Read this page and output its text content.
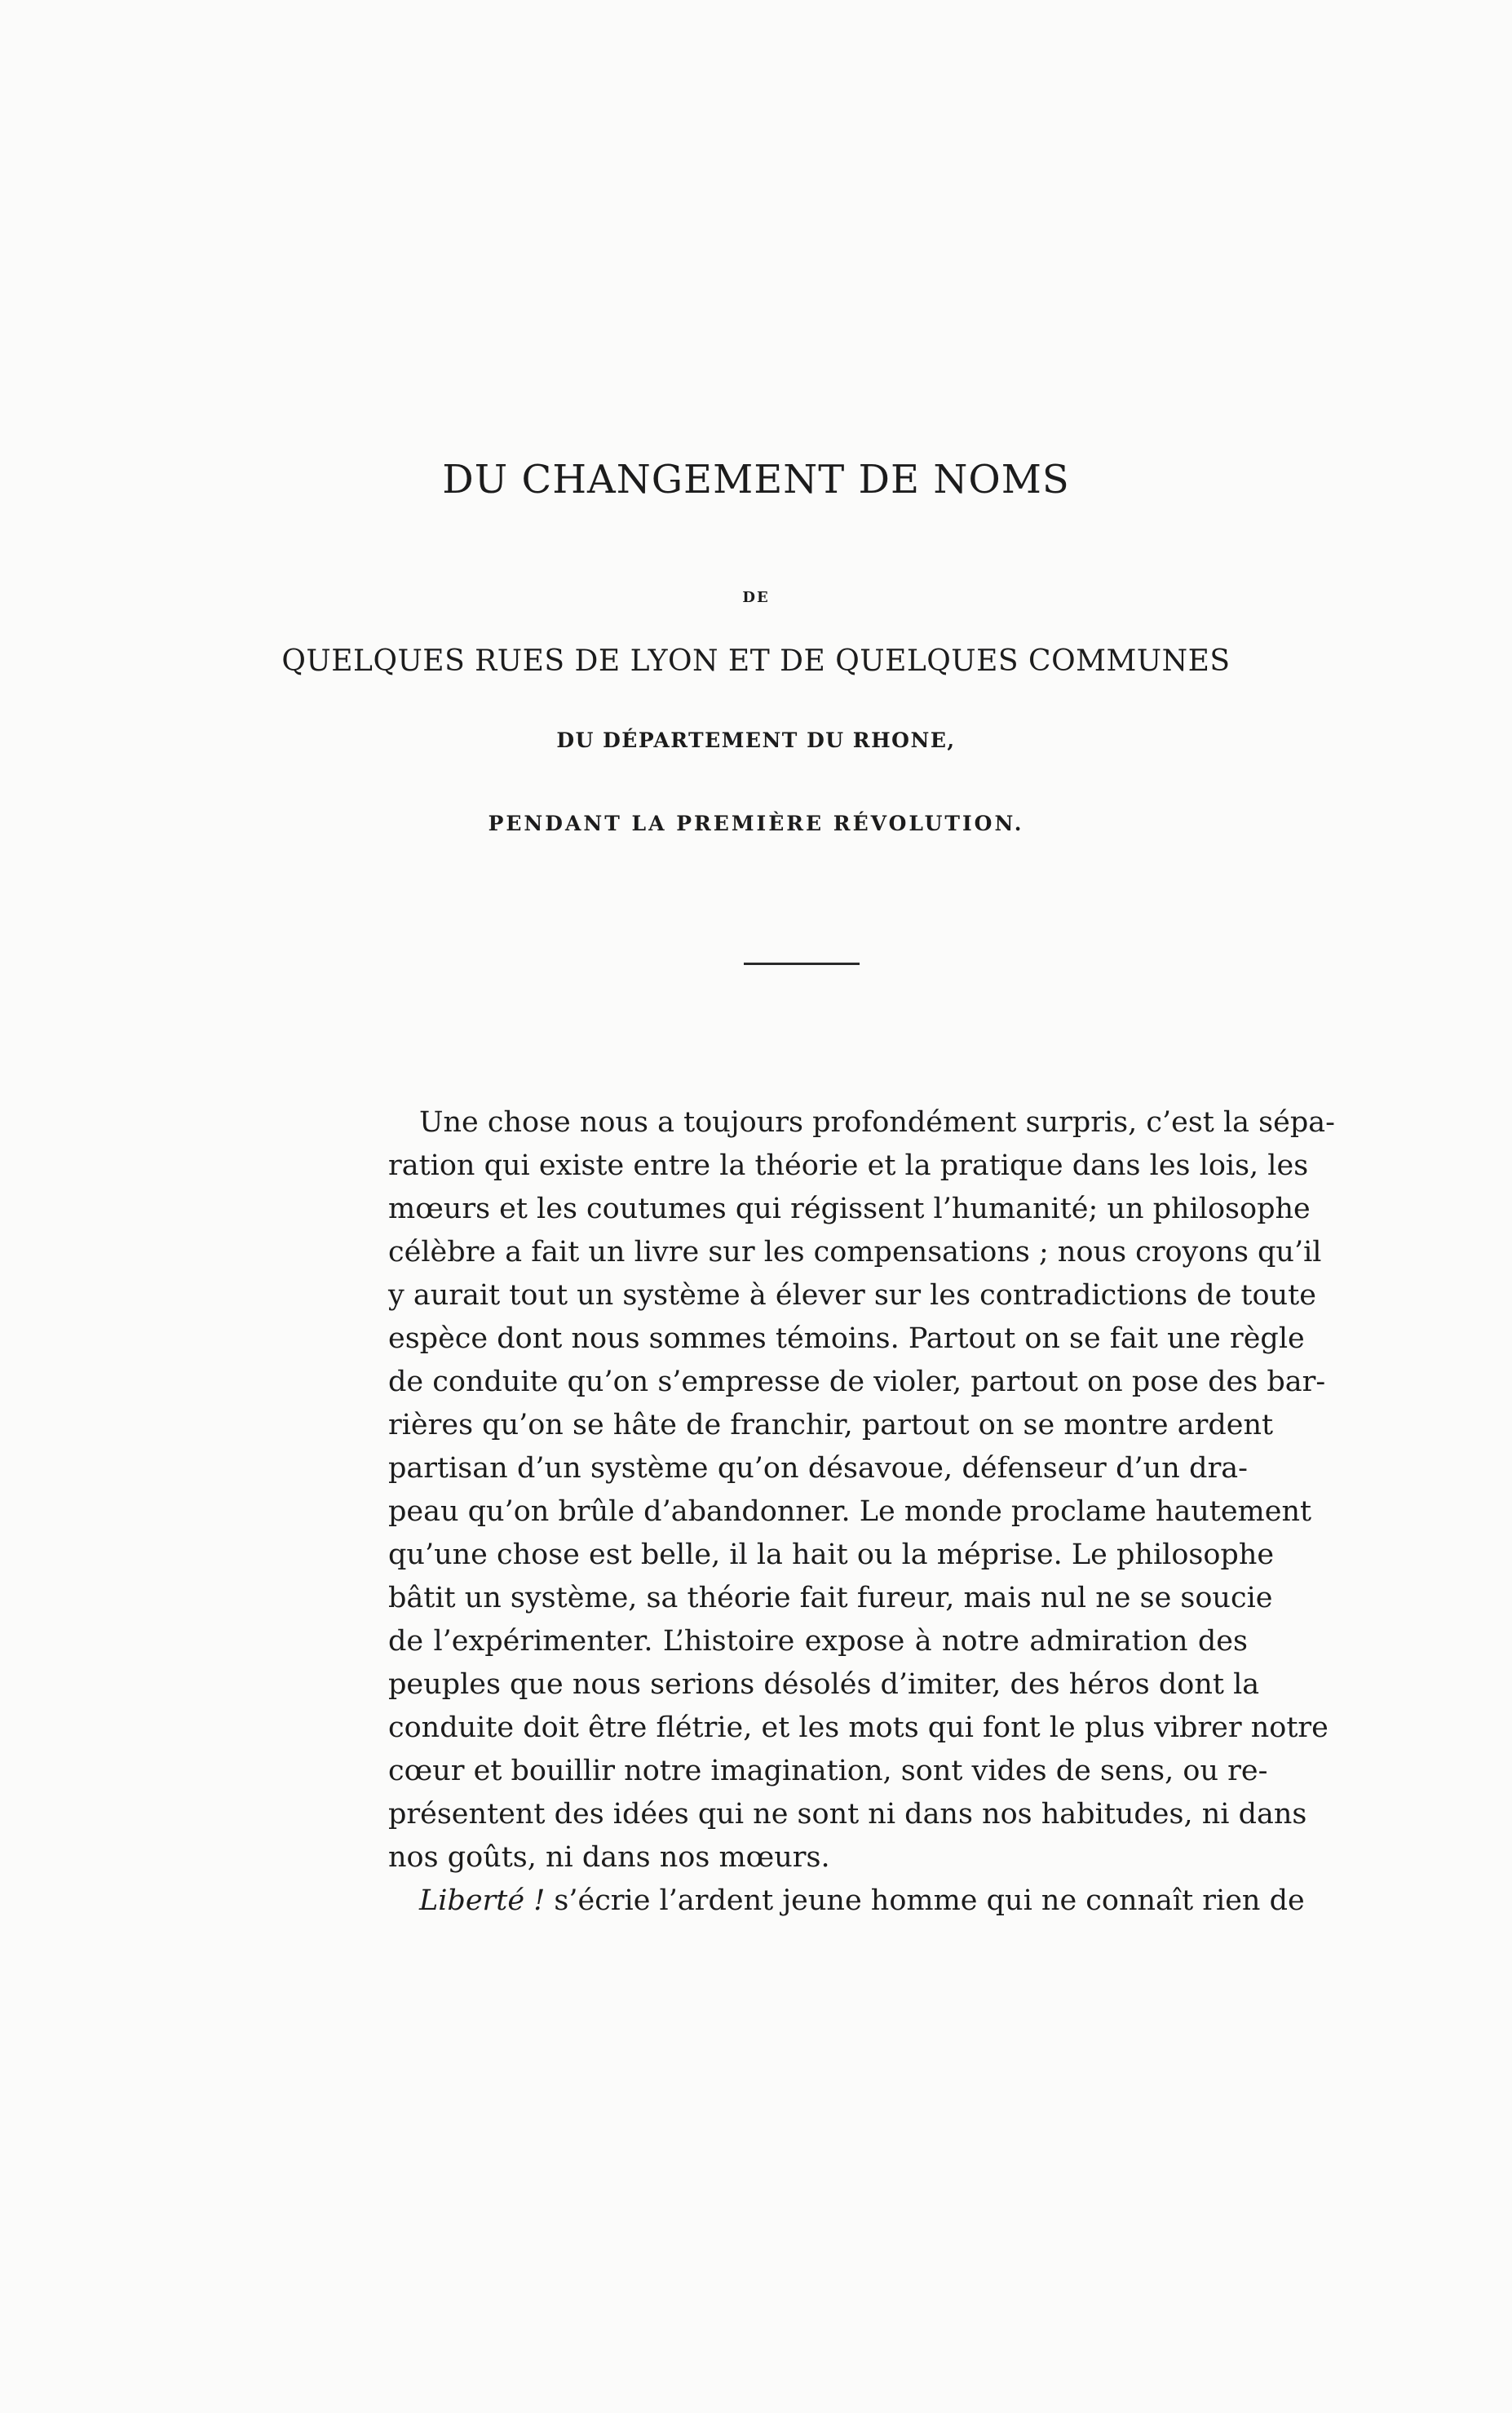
DU CHANGEMENT DE NOMS
DE
QUELQUES RUES DE LYON ET DE QUELQUES COMMUNES
DU DÉPARTEMENT DU RHONE,
PENDANT LA PREMIÈRE RÉVOLUTION.
Une chose nous a toujours profondément surpris, c’est la sépa-
ration qui existe entre la théorie et la pratique dans les lois, les
mœurs et les coutumes qui régissent l’humanité; un philosophe
célèbre a fait un livre sur les compensations ; nous croyons qu’il
y aurait tout un système à élever sur les contradictions de toute
espèce dont nous sommes témoins. Partout on se fait une règle
de conduite qu’on s’empresse de violer, partout on pose des bar-
rières qu’on se hâte de franchir, partout on se montre ardent
partisan d’un système qu’on désavoue, défenseur d’un dra-
peau qu’on brûle d’abandonner. Le monde proclame hautement
qu’une chose est belle, il la hait ou la méprise. Le philosophe
bâtit un système, sa théorie fait fureur, mais nul ne se soucie
de l’expérimenter. L’histoire expose à notre admiration des
peuples que nous serions désolés d’imiter, des héros dont la
conduite doit être flétrie, et les mots qui font le plus vibrer notre
cœur et bouillir notre imagination, sont vides de sens, ou re-
présentent des idées qui ne sont ni dans nos habitudes, ni dans
nos goûts, ni dans nos mœurs.
Liberté ! s’écrie l’ardent jeune homme qui ne connaît rien de
